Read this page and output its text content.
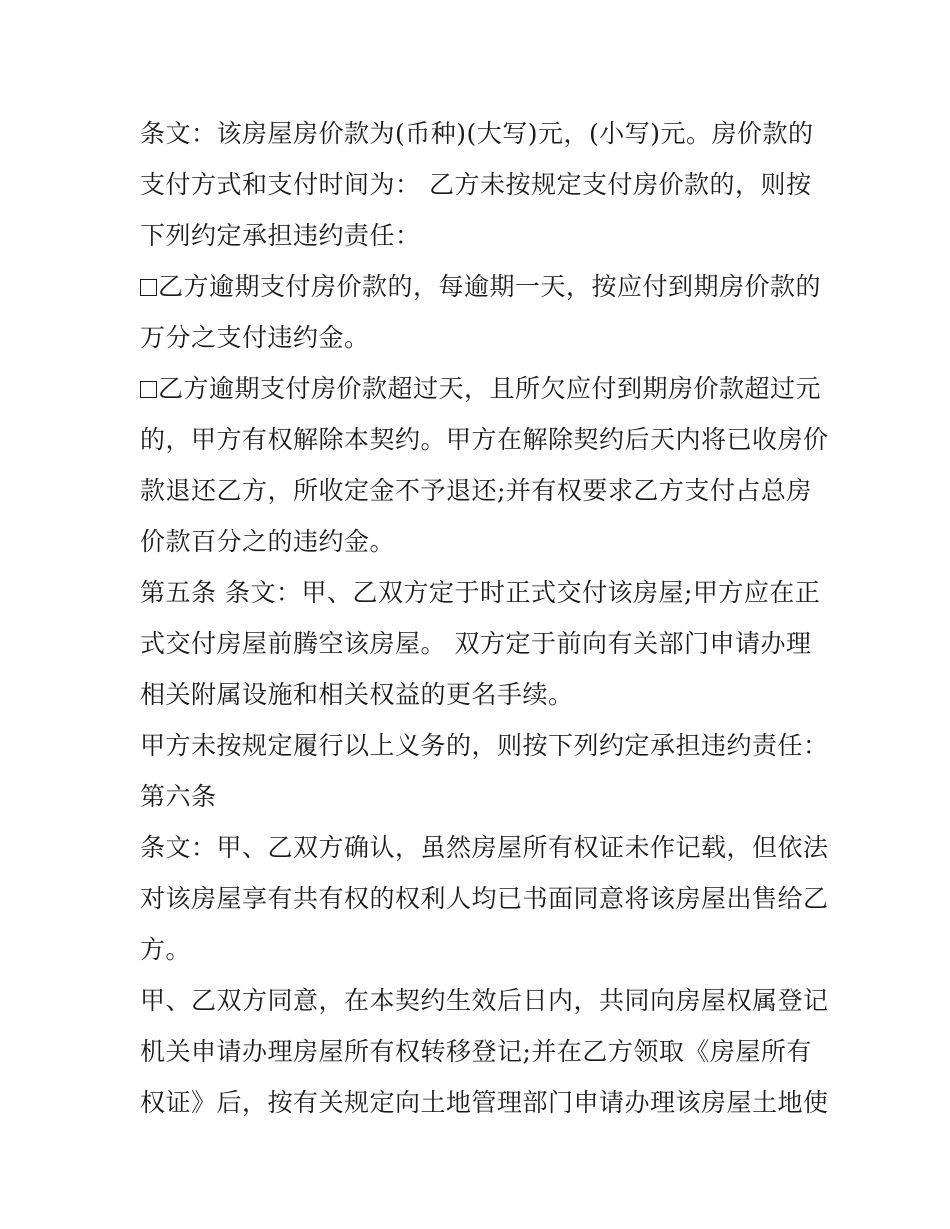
条文：该房屋房价款为(币种)(大写)元，(小写)元。房价款的
支付方式和支付时间为： 乙方未按规定支付房价款的，则按
下列约定承担违约责任：
乙方逾期支付房价款的，每逾期一天，按应付到期房价款的
万分之支付违约金。
乙方逾期支付房价款超过天，且所欠应付到期房价款超过元
的，甲方有权解除本契约。甲方在解除契约后天内将已收房价
款退还乙方，所收定金不予退还;并有权要求乙方支付占总房
价款百分之的违约金。
第五条 条文：甲、乙双方定于时正式交付该房屋;甲方应在正
式交付房屋前腾空该房屋。 双方定于前向有关部门申请办理
相关附属设施和相关权益的更名手续。
甲方未按规定履行以上义务的，则按下列约定承担违约责任：
第六条
条文：甲、乙双方确认，虽然房屋所有权证未作记载，但依法
对该房屋享有共有权的权利人均已书面同意将该房屋出售给乙
方。
甲、乙双方同意，在本契约生效后日内，共同向房屋权属登记
机关申请办理房屋所有权转移登记;并在乙方领取《房屋所有
权证》后，按有关规定向土地管理部门申请办理该房屋土地使
